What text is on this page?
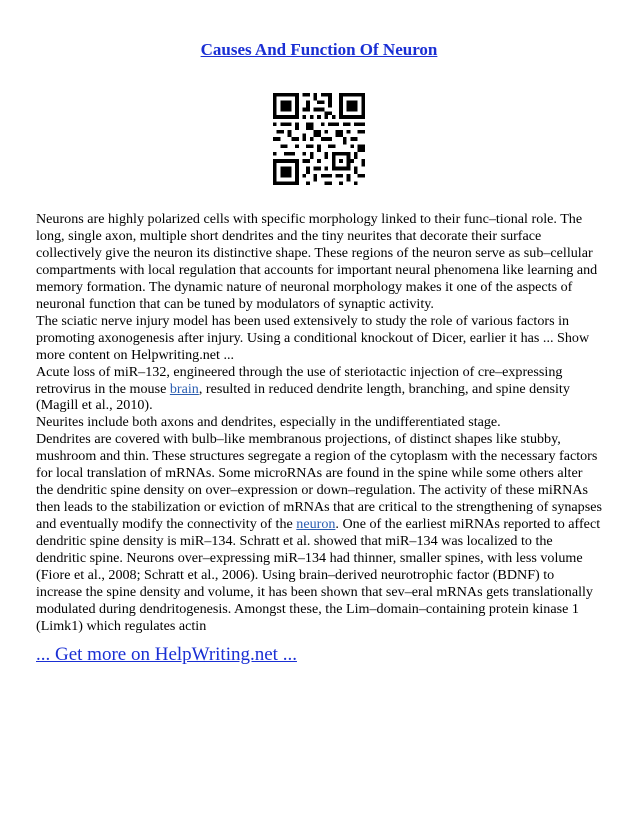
Causes And Function Of Neuron

Neurons are highly polarized cells with specific morphology linked to their func–tional role. The long, single axon, multiple short dendrites and the tiny neurites that decorate their surface collectively give the neuron its distinctive shape. These regions of the neuron serve as sub–cellular compartments with local regulation that accounts for important neural phenomena like learning and memory formation. The dynamic nature of neuronal morphology makes it one of the aspects of neuronal function that can be tuned by modulators of synaptic activity.

The sciatic nerve injury model has been used extensively to study the role of various factors in promoting axonogenesis after injury. Using a conditional knockout of Dicer, earlier it has ... Show more content on Helpwriting.net ...

Acute loss of miR–132, engineered through the use of steriotactic injection of cre–expressing retrovirus in the mouse brain, resulted in reduced dendrite length, branching, and spine density (Magill et al., 2010).

Neurites include both axons and dendrites, especially in the undifferentiated stage.

Dendrites are covered with bulb–like membranous projections, of distinct shapes like stubby, mushroom and thin. These structures segregate a region of the cytoplasm with the necessary factors for local translation of mRNAs. Some microRNAs are found in the spine while some others alter the dendritic spine density on over–expression or down–regulation. The activity of these miRNAs then leads to the stabilization or eviction of mRNAs that are critical to the strengthening of synapses and eventually modify the connectivity of the neuron. One of the earliest miRNAs reported to affect dendritic spine density is miR–134. Schratt et al. showed that miR–134 was localized to the dendritic spine. Neurons over–expressing miR–134 had thinner, smaller spines, with less volume (Fiore et al., 2008; Schratt et al., 2006). Using brain–derived neurotrophic factor (BDNF) to increase the spine density and volume, it has been shown that sev–eral mRNAs gets translationally modulated during dendritogenesis. Amongst these, the Lim–domain–containing protein kinase 1 (Limk1) which regulates actin

... Get more on HelpWriting.net ...
